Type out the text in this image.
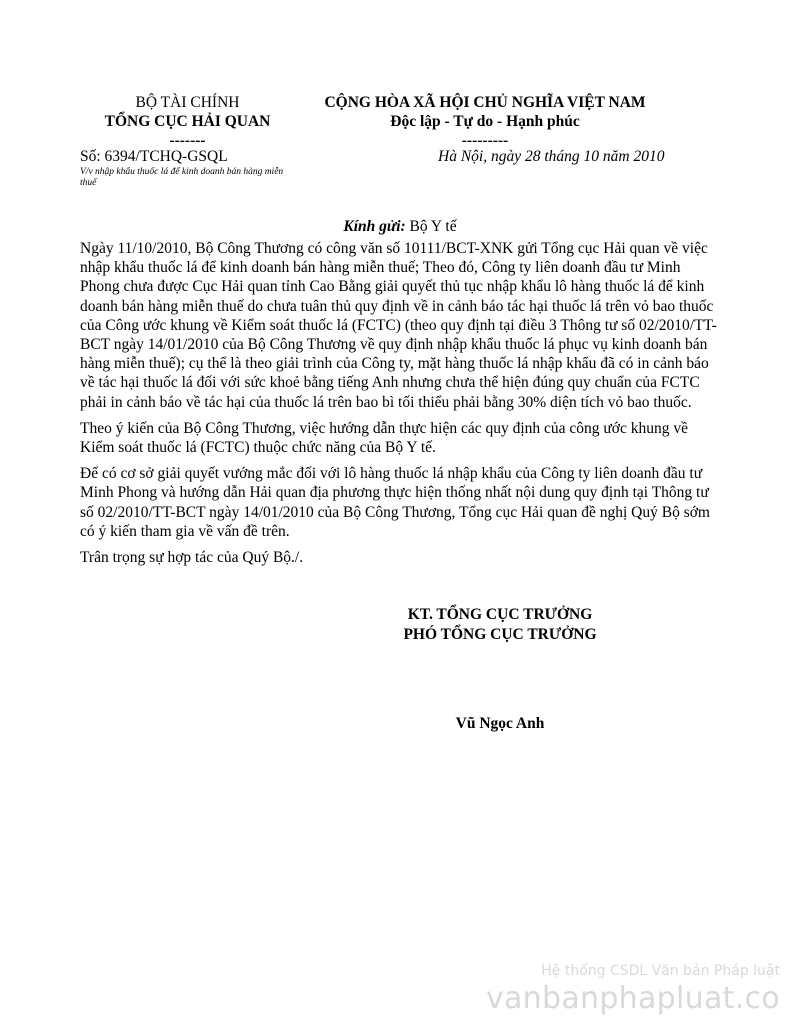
BỘ TÀI CHÍNH
TỔNG CỤC HẢI QUAN
-------
CỘNG HÒA XÃ HỘI CHỦ NGHĨA VIỆT NAM
Độc lập - Tự do - Hạnh phúc
---------
Số: 6394/TCHQ-GSQL	Hà Nội, ngày 28 tháng 10 năm 2010
V/v nhập khẩu thuốc lá để kinh doanh bán hàng miễn thuế
Kính gửi: Bộ Y tế

Ngày 11/10/2010, Bộ Công Thương có công văn số 10111/BCT-XNK gửi Tổng cục Hải quan về việc nhập khẩu thuốc lá để kinh doanh bán hàng miễn thuế; Theo đó, Công ty liên doanh đầu tư Minh Phong chưa được Cục Hải quan tỉnh Cao Bằng giải quyết thủ tục nhập khẩu lô hàng thuốc lá để kinh doanh bán hàng miễn thuế do chưa tuân thủ quy định về in cảnh báo tác hại thuốc lá trên vỏ bao thuốc của Công ước khung về Kiểm soát thuốc lá (FCTC) (theo quy định tại điều 3 Thông tư số 02/2010/TT-BCT ngày 14/01/2010 của Bộ Công Thương về quy định nhập khẩu thuốc lá phục vụ kinh doanh bán hàng miễn thuế); cụ thể là theo giải trình của Công ty, mặt hàng thuốc lá nhập khẩu đã có in cảnh báo về tác hại thuốc lá đối với sức khoẻ bằng tiếng Anh nhưng chưa thể hiện đúng quy chuẩn của FCTC phải in cảnh báo về tác hại của thuốc lá trên bao bì tối thiểu phải bằng 30% diện tích vỏ bao thuốc.

Theo ý kiến của Bộ Công Thương, việc hướng dẫn thực hiện các quy định của công ước khung về Kiểm soát thuốc lá (FCTC) thuộc chức năng của Bộ Y tế.

Để có cơ sở giải quyết vướng mắc đối với lô hàng thuốc lá nhập khẩu của Công ty liên doanh đầu tư Minh Phong và hướng dẫn Hải quan địa phương thực hiện thống nhất nội dung quy định tại Thông tư số 02/2010/TT-BCT ngày 14/01/2010 của Bộ Công Thương, Tổng cục Hải quan đề nghị Quý Bộ sớm có ý kiến tham gia về vấn đề trên.

Trân trọng sự hợp tác của Quý Bộ./.

KT. TỔNG CỤC TRƯỞNG
PHÓ TỔNG CỤC TRƯỞNG
Vũ Ngọc Anh
Hệ thống CSDL Văn bản Pháp luật
vanbanphapluat.co
